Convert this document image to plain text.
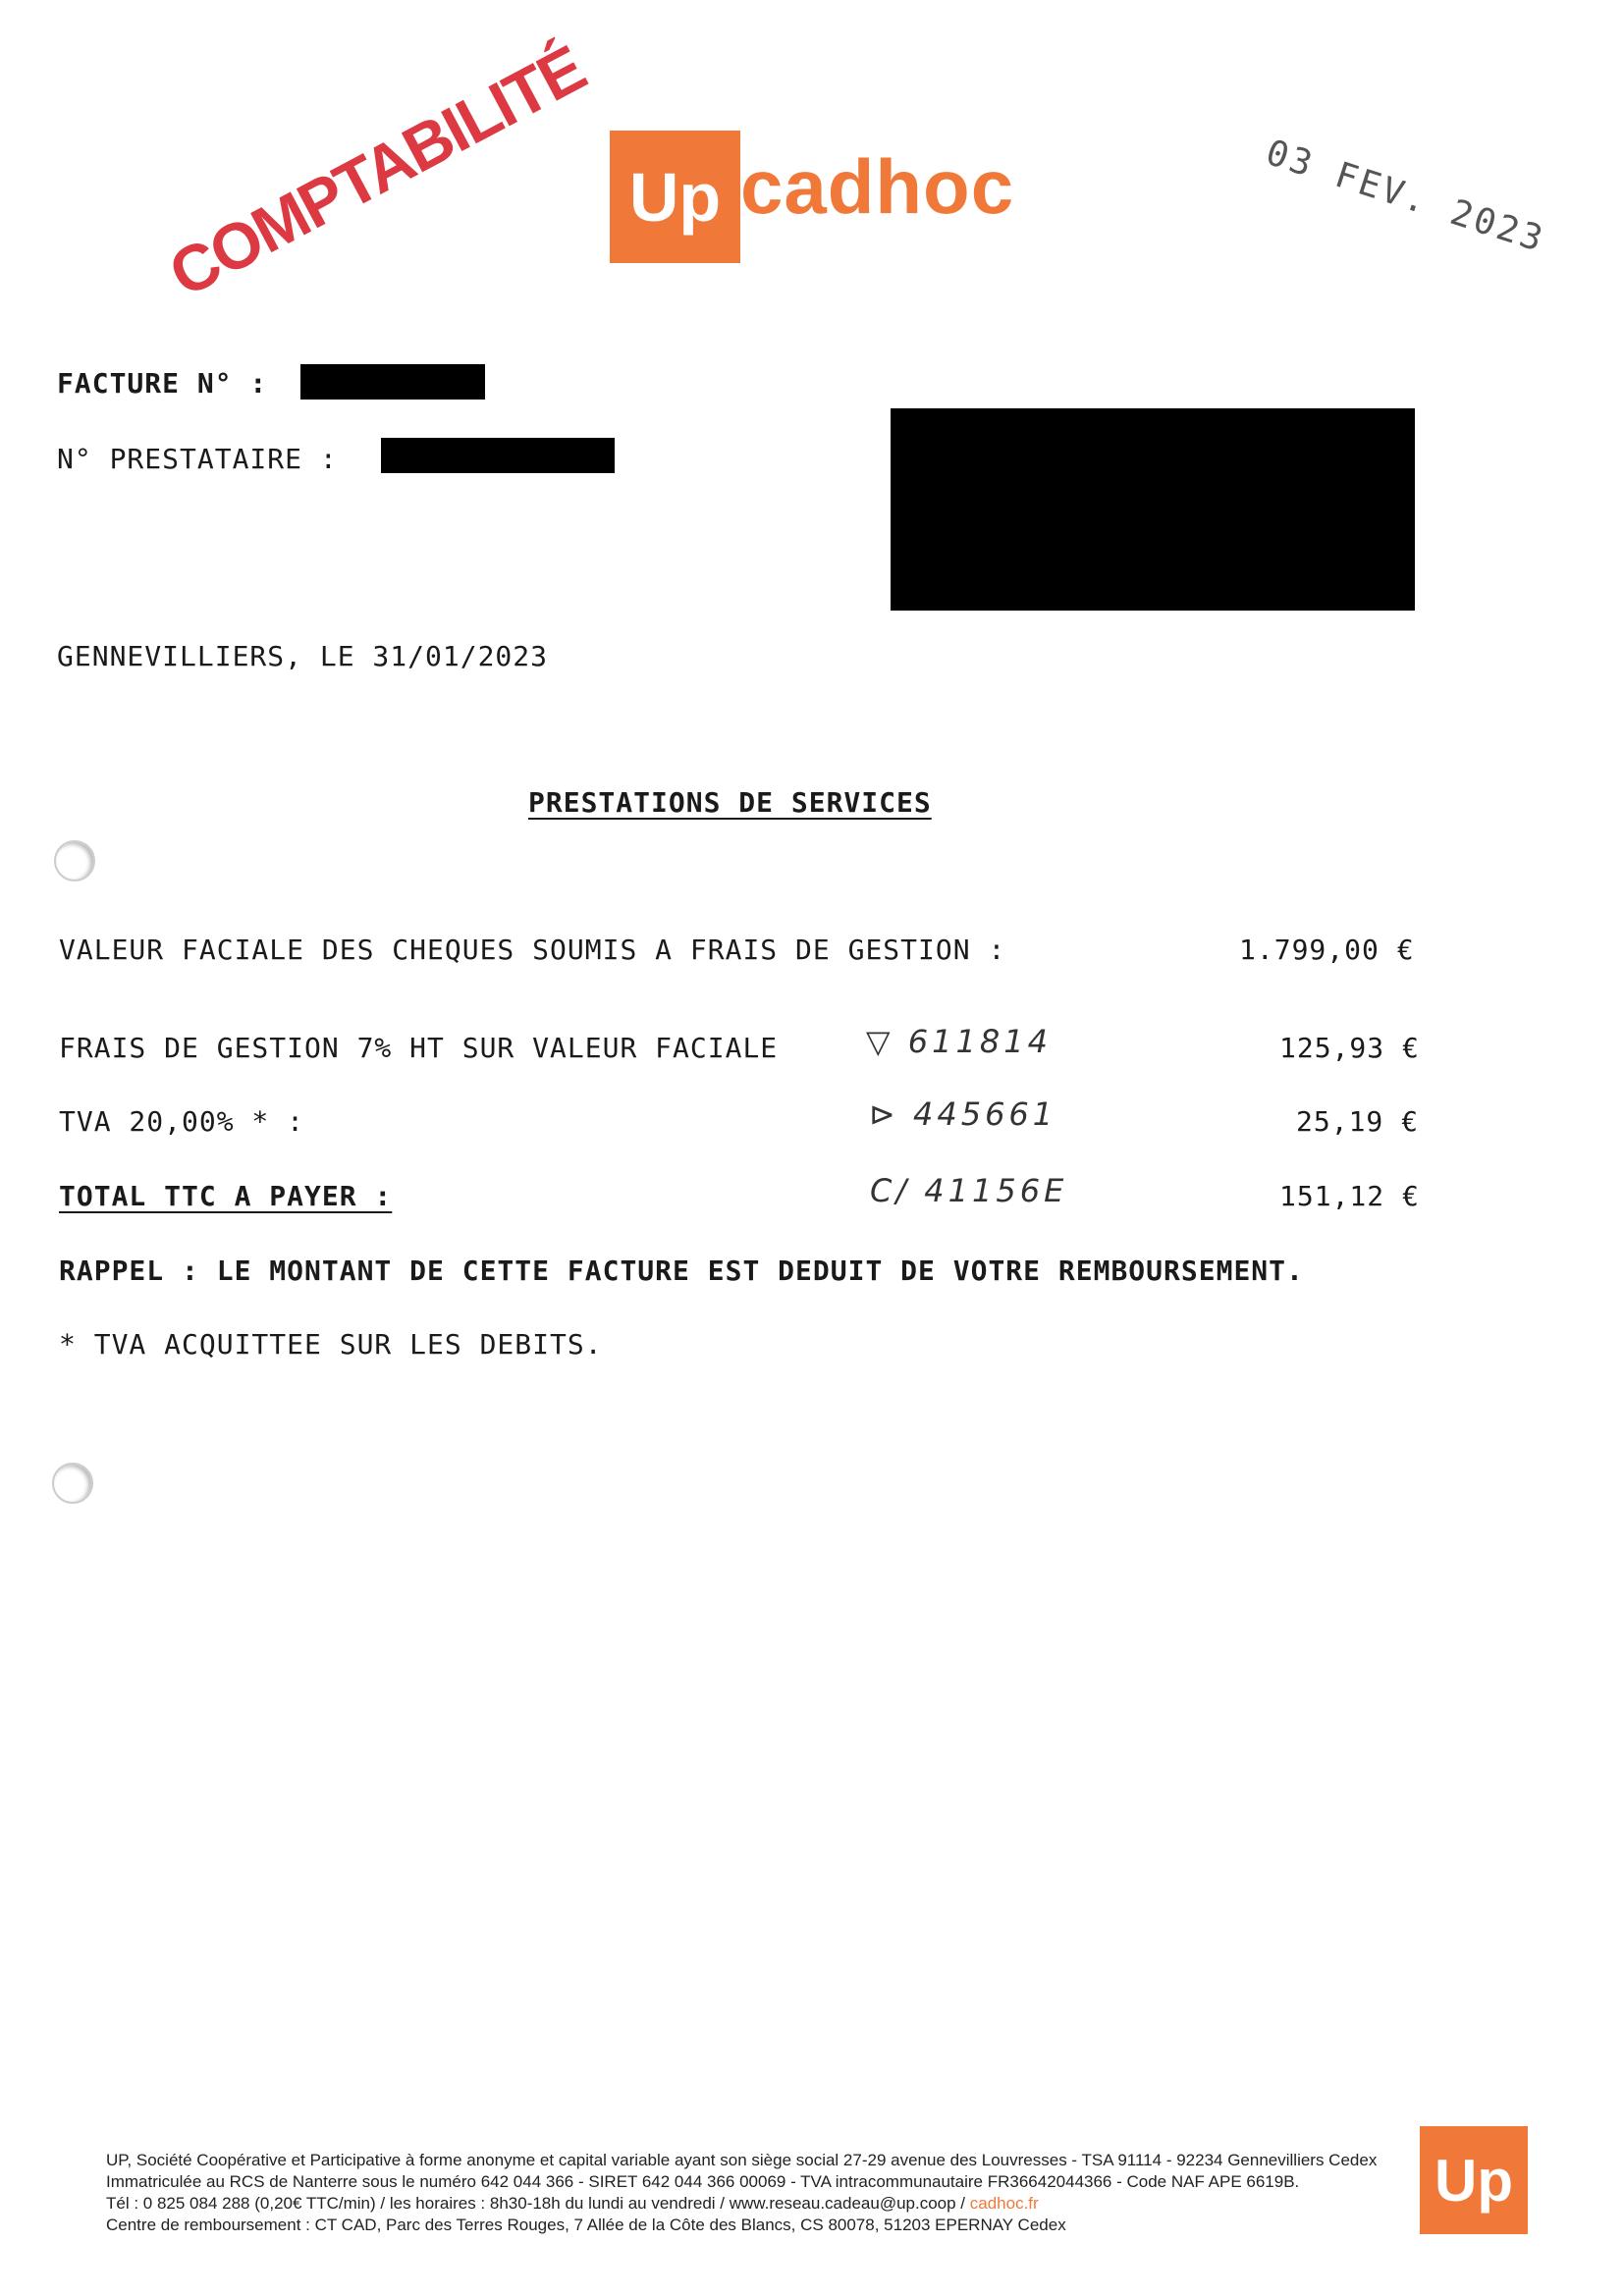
Up cadhoc
COMPTABILITÉ	03 FEV. 2023
FACTURE N° :
N° PRESTATAIRE :
GENNEVILLIERS, LE 31/01/2023
PRESTATIONS DE SERVICES
VALEUR FACIALE DES CHEQUES SOUMIS A FRAIS DE GESTION :	1.799,00 €
FRAIS DE GESTION 7% HT SUR VALEUR FACIALE	▽ 611814	125,93 €
TVA 20,00% * :	⊳ 445661	25,19 €
TOTAL TTC A PAYER :	C/ 41156E	151,12 €
RAPPEL : LE MONTANT DE CETTE FACTURE EST DEDUIT DE VOTRE REMBOURSEMENT.
* TVA ACQUITTEE SUR LES DEBITS.
UP, Société Coopérative et Participative à forme anonyme et capital variable ayant son siège social 27-29 avenue des Louvresses - TSA 91114 - 92234 Gennevilliers Cedex
Immatriculée au RCS de Nanterre sous le numéro 642 044 366 - SIRET 642 044 366 00069 - TVA intracommunautaire FR36642044366 - Code NAF APE 6619B.
Tél : 0 825 084 288 (0,20€ TTC/min) / les horaires : 8h30-18h du lundi au vendredi / www.reseau.cadeau@up.coop / cadhoc.fr
Centre de remboursement : CT CAD, Parc des Terres Rouges, 7 Allée de la Côte des Blancs, CS 80078, 51203 EPERNAY Cedex
Up
